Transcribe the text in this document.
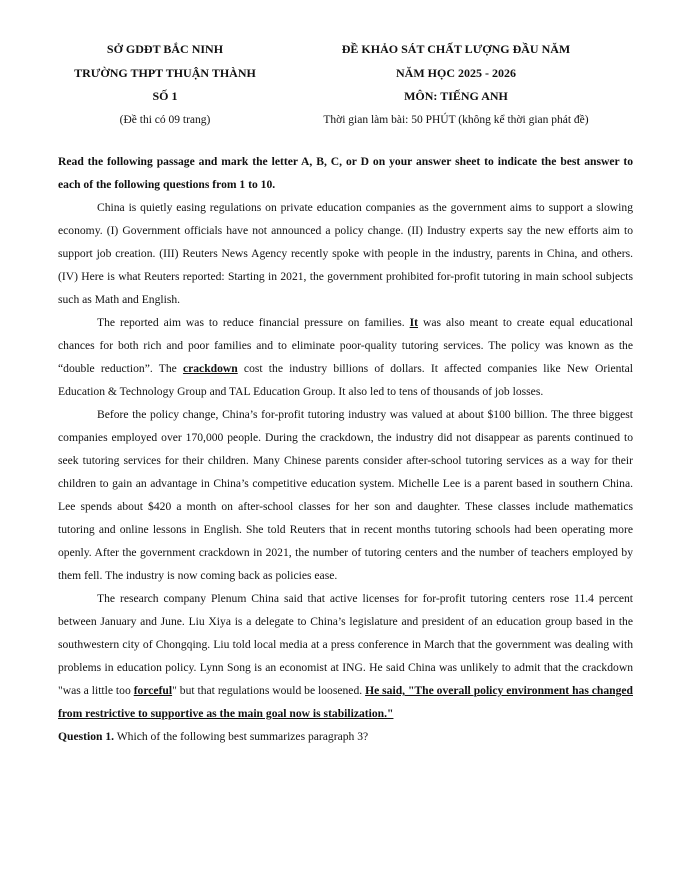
SỞ GDĐT BẮC NINH
TRƯỜNG THPT THUẬN THÀNH
SỐ 1
(Đề thi có 09 trang)
ĐỀ KHẢO SÁT CHẤT LƯỢNG ĐẦU NĂM
NĂM HỌC 2025 - 2026
MÔN: TIẾNG ANH
Thời gian làm bài: 50 PHÚT (không kể thời gian phát đề)

Read the following passage and mark the letter A, B, C, or D on your answer sheet to indicate the best answer to each of the following questions from 1 to 10.

China is quietly easing regulations on private education companies as the government aims to support a slowing economy. (I) Government officials have not announced a policy change. (II) Industry experts say the new efforts aim to support job creation. (III) Reuters News Agency recently spoke with people in the industry, parents in China, and others. (IV) Here is what Reuters reported: Starting in 2021, the government prohibited for-profit tutoring in main school subjects such as Math and English.

The reported aim was to reduce financial pressure on families. It was also meant to create equal educational chances for both rich and poor families and to eliminate poor-quality tutoring services. The policy was known as the “double reduction”. The crackdown cost the industry billions of dollars. It affected companies like New Oriental Education & Technology Group and TAL Education Group. It also led to tens of thousands of job losses.

Before the policy change, China’s for-profit tutoring industry was valued at about $100 billion. The three biggest companies employed over 170,000 people. During the crackdown, the industry did not disappear as parents continued to seek tutoring services for their children. Many Chinese parents consider after-school tutoring services as a way for their children to gain an advantage in China’s competitive education system. Michelle Lee is a parent based in southern China. Lee spends about $420 a month on after-school classes for her son and daughter. These classes include mathematics tutoring and online lessons in English. She told Reuters that in recent months tutoring schools had been operating more openly. After the government crackdown in 2021, the number of tutoring centers and the number of teachers employed by them fell. The industry is now coming back as policies ease.

The research company Plenum China said that active licenses for for-profit tutoring centers rose 11.4 percent between January and June. Liu Xiya is a delegate to China’s legislature and president of an education group based in the southwestern city of Chongqing. Liu told local media at a press conference in March that the government was dealing with problems in education policy. Lynn Song is an economist at ING. He said China was unlikely to admit that the crackdown "was a little too forceful" but that regulations would be loosened. He said, "The overall policy environment has changed from restrictive to supportive as the main goal now is stabilization."

Question 1. Which of the following best summarizes paragraph 3?
